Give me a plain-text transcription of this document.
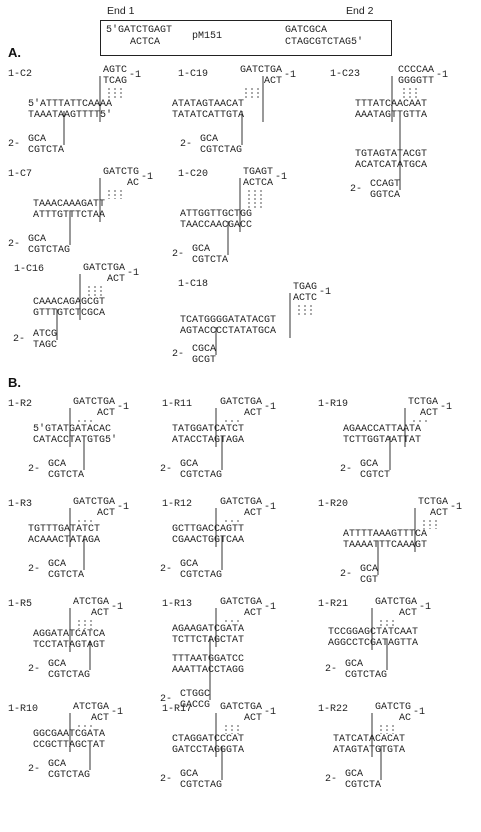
End 1	End 2
5'GATCTGAGT
ACTCA
pM151
GATCGCA
CTAGCGTCTAG5'
A.
B.
1-C2	AGTC
TCAG
-1
5'ATTTATTCAAAA
TAAATAAGTTTT5'
2- GCA
CGTCTA
1-C19	GATCTGA
ACT
-1
ATATAGTAACAT
TATATCATTGTA
2- GCA
CGTCTAG
1-C23	CCCCAA
GGGGTT
-1
TTTATCAACAAT
AAATAGTTGTTA
TGTAGTATACGT
ACATCATATGCA
2- CCAGT
GGTCA
1-C7	GATCTG
AC
-1
TAAACAAAGATT
ATTTGTTTCTAA
2- GCA
CGTCTAG
1-C20	TGAGT
ACTCA
-1
ATTGGTTGCTGG
TAACCAACGACC
2- GCA
CGTCTA
1-C16	GATCTGA
ACT
-1
CAAACAGAGCGT
GTTTGTCTCGCA
2- ATCG
TAGC
1-C18	TGAG
ACTC
-1
TCATGGGGATATACGT
AGTACCCCTATATGCA
2- CGCA
GCGT
1-R2	GATCTGA
ACT
-1
5'GTATGATACAC
CATACCTATGTG5'
2- GCA
CGTCTA
1-R11	GATCTGA
ACT
-1
TATGGATCATCT
ATACCTAGTAGA
2- GCA
CGTCTAG
1-R19	TCTGA
ACT
-1
AGAACCATTAATA
TCTTGGTAATTAT
2- GCA
CGTCT
1-R3	GATCTGA
ACT
-1
TGTTTGATATCT
ACAAACTATAGA
2- GCA
CGTCTA
1-R12	GATCTGA
ACT
-1
GCTTGACCAGTT
CGAACTGGTCAA
2- GCA
CGTCTAG
1-R20	TCTGA
ACT
-1
ATTTTAAAGTTTCA
TAAAATTTCAAAGT
2- GCA
CGT
1-R5	ATCTGA
ACT
-1
AGGATATCATCA
TCCTATAGTAGT
2- GCA
CGTCTAG
1-R13	GATCTGA
ACT
-1
AGAAGATCGATA
TCTTCTAGCTAT
TTTAATGGATCC
AAATTACCTAGG
2- CTGGC
GACCG
1-R21	GATCTGA
ACT
-1
TCCGGAGCTATCAAT
AGGCCTCGATAGTTA
2- GCA
CGTCTAG
1-R10	ATCTGA
ACT
-1
GGCGAATCGATA
CCGCTTAGCTAT
2- GCA
CGTCTAG
1-R17	GATCTGA
ACT
-1
CTAGGATCCCAT
GATCCTAGGGTA
2- GCA
CGTCTAG
1-R22	GATCTG
AC
-1
TATCATACACAT
ATAGTATGTGTA
2- GCA
CGTCTA
